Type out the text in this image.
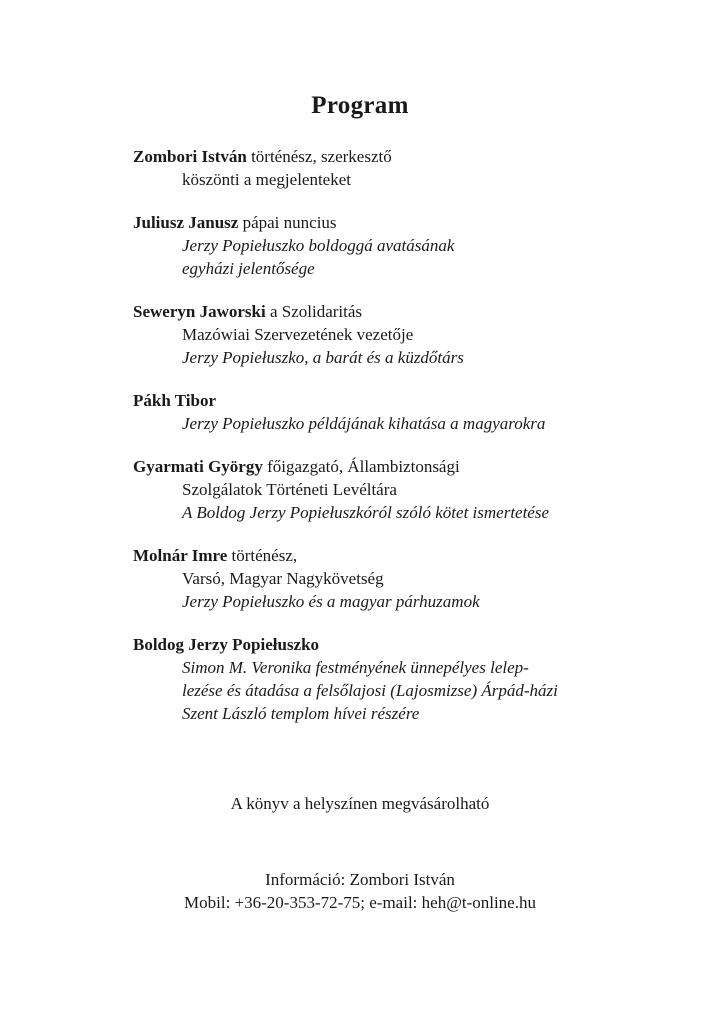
Program
Zombori István történész, szerkesztő
köszönti a megjelenteket
Juliusz Janusz pápai nuncius
Jerzy Popiełuszko boldoggá avatásának
egyházi jelentősége
Seweryn Jaworski a Szolidaritás
Mazówiai Szervezetének vezetője
Jerzy Popiełuszko, a barát és a küzdőtárs
Pákh Tibor
Jerzy Popiełuszko példájának kihatása a magyarokra
Gyarmati György főigazgató, Állambiztonsági
Szolgálatok Történeti Levéltára
A Boldog Jerzy Popiełuszkóról szóló kötet ismertetése
Molnár Imre történész,
Varsó, Magyar Nagykövetség
Jerzy Popiełuszko és a magyar párhuzamok
Boldog Jerzy Popiełuszko
Simon M. Veronika festményének ünnepélyes lelep-
lezése és átadása a felsőlajosi (Lajosmizse) Árpád-házi
Szent László templom hívei részére
A könyv a helyszínen megvásárolható
Információ: Zombori István
Mobil: +36-20-353-72-75; e-mail: heh@t-online.hu
